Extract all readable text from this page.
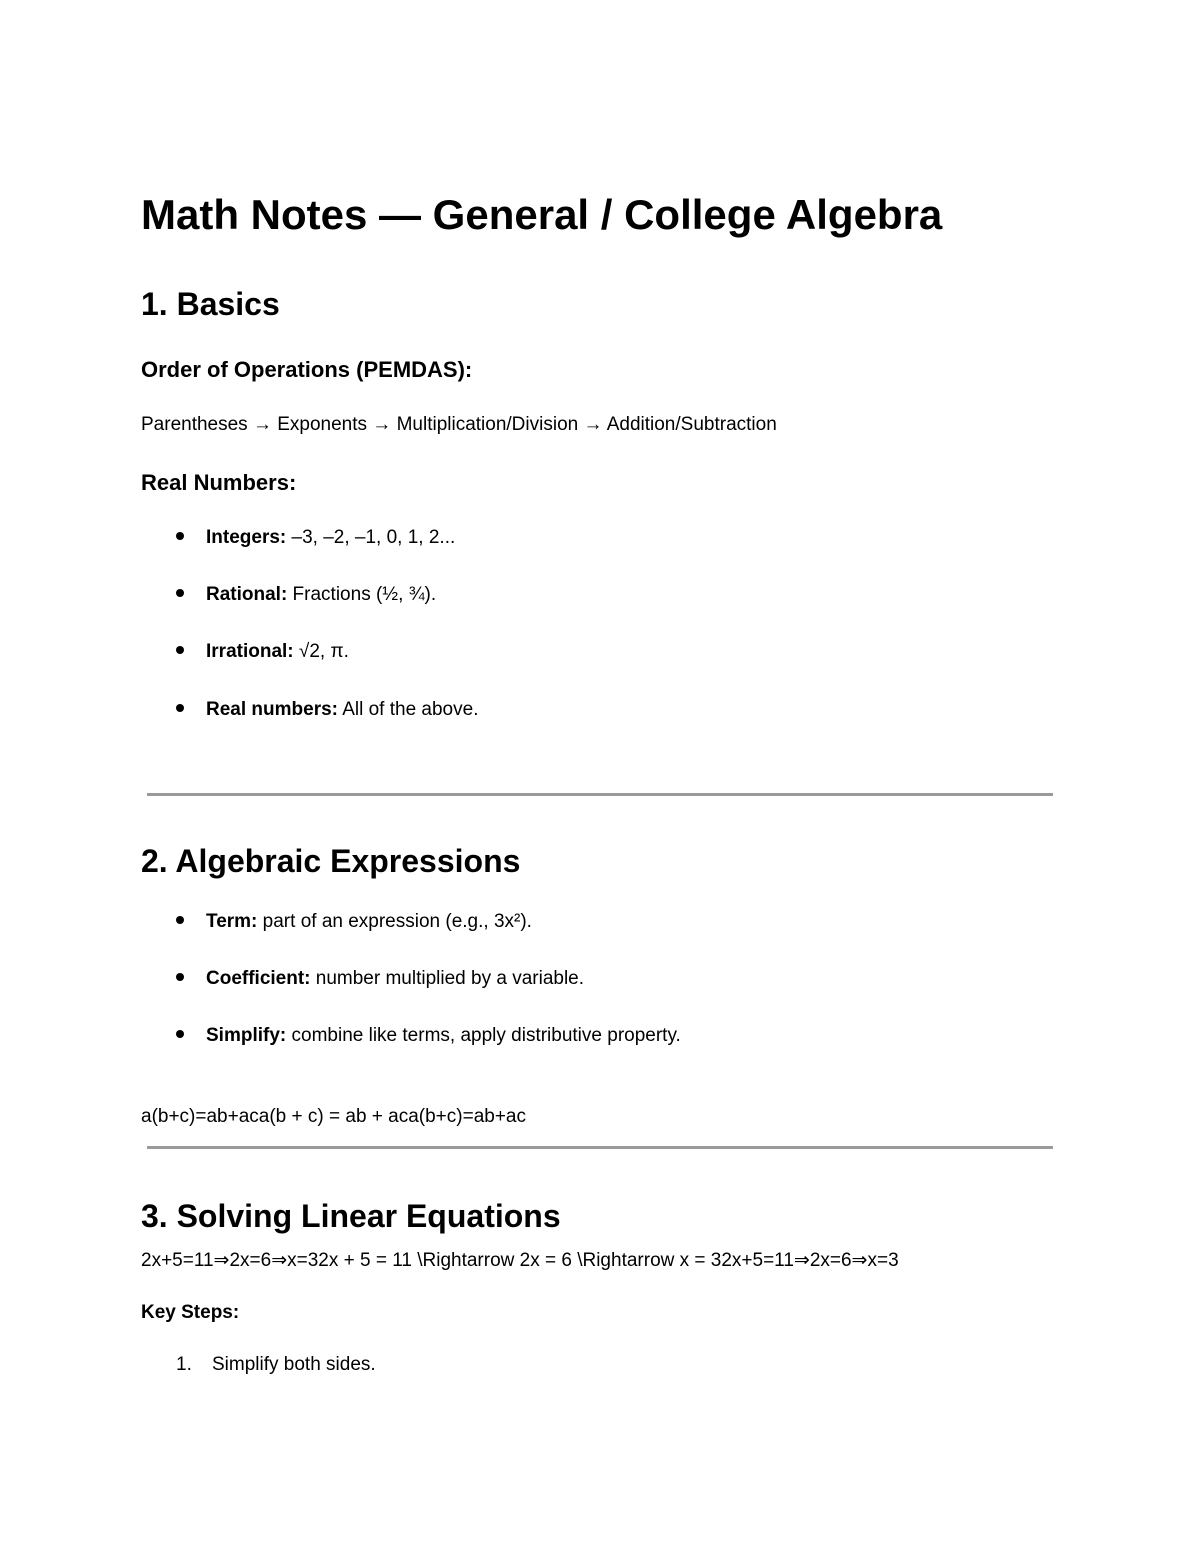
Math Notes — General / College Algebra
1. Basics
Order of Operations (PEMDAS):
Parentheses → Exponents → Multiplication/Division → Addition/Subtraction
Real Numbers:
Integers: –3, –2, –1, 0, 1, 2...
Rational: Fractions (½, ¾).
Irrational: √2, π.
Real numbers: All of the above.
2. Algebraic Expressions
Term: part of an expression (e.g., 3x²).
Coefficient: number multiplied by a variable.
Simplify: combine like terms, apply distributive property.
a(b+c)=ab+aca(b + c) = ab + aca(b+c)=ab+ac
3. Solving Linear Equations
2x+5=11⇒2x=6⇒x=32x + 5 = 11 \Rightarrow 2x = 6 \Rightarrow x = 32x+5=11⇒2x=6⇒x=3
Key Steps:
1. Simplify both sides.
